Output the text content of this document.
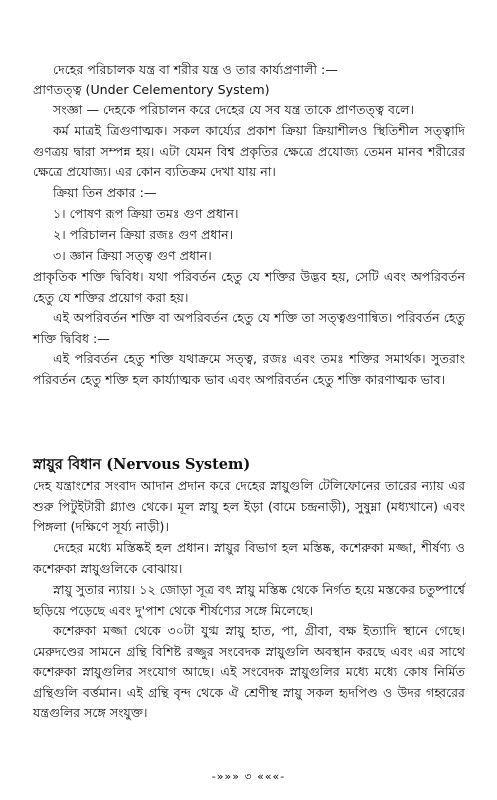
দেহের পরিচালক যন্ত্র বা শরীর যন্ত্র ও তার কার্য্যপ্রণালী :—
প্রাণতত্ত্ব (Under Celementory System)
সংজ্ঞা — দেহকে পরিচালন করে দেহের যে সব যন্ত্র তাকে প্রাণতত্ত্ব বলে।
কর্ম মাত্রই ত্রিগুণাত্মক। সকল কার্য্যের প্রকাশ ক্রিয়া ক্রিয়াশীলও স্থিতিশীল সত্ত্বাদি গুণত্রয় দ্বারা সম্পন্ন হয়। এটা যেমন বিশ্ব প্রকৃতির ক্ষেত্রে প্রযোজ্য তেমন মানব শরীরের ক্ষেত্রে প্রযোজ্য। এর কোন ব্যতিক্রম দেখা যায় না।
ক্রিয়া তিন প্রকার :—
১। পোষণ রূপ ক্রিয়া তমঃ গুণ প্রধান।
২। পরিচালন ক্রিয়া রজঃ গুণ প্রধান।
৩। জ্ঞান ক্রিয়া সত্ত্ব গুণ প্রধান।
প্রাকৃতিক শক্তি দ্বিবিধ। যথা পরিবর্তন হেতু যে শক্তির উদ্ভব হয়, সেটি এবং অপরিবর্তন হেতু যে শক্তির প্রয়োগ করা হয়।
এই অপরিবর্তন শক্তি বা অপরিবর্তন হেতু যে শক্তি তা সত্ত্বগুণান্বিত। পরিবর্তন হেতু শক্তি দ্বিবিধ :—
এই পরিবর্তন হেতু শক্তি যথাক্রমে সত্ত্ব, রজঃ এবং তমঃ শক্তির সমার্থক। সুতরাং পরিবর্তন হেতু শক্তি হল কার্য্যাত্মক ভাব এবং অপরিবর্তন হেতু শক্তি কারণাত্মক ভাব।
স্নায়ুর বিধান (Nervous System)
দেহ যন্ত্রাংশের সংবাদ আদান প্রদান করে দেহের স্নায়ুগুলি টেলিফোনের তারের ন্যায় এর শুরু পিটুইটারী গ্ল্যাণ্ড থেকে। মূল স্নায়ু হল ইড়া (বামে চন্দ্রনাড়ী), সুষুম্না (মধ্যখানে) এবং পিঙ্গলা (দক্ষিণে সূর্য্য নাড়ী)।
দেহের মধ্যে মস্তিষ্কই হল প্রধান। স্নায়ুর বিভাগ হল মস্তিষ্ক, কশেরুকা মজ্জা, শীর্ষণ্য ও কশেরুকা স্নায়ুগুলিকে বোঝায়।
স্নায়ু সুতার ন্যায়। ১২ জোড়া সূত্র বৎ স্নায়ু মস্তিষ্ক থেকে নির্গত হয়ে মস্তকের চতুষ্পার্শ্বে ছড়িয়ে পড়েছে এবং দু'পাশ থেকে শীর্ষণ্যের সঙ্গে মিলেছে।
কশেরুকা মজ্জা থেকে ৩০টা যুগ্ম স্নায়ু হাত, পা, গ্রীবা, বক্ষ ইত্যাদি স্থানে গেছে। মেরুদণ্ডের সামনে গ্রন্থি বিশিষ্ট রজ্জুর সংবেদক স্নায়ুগুলি অবস্থান করছে এবং এর সাথে কশেরুকা স্নায়ুগুলির সংযোগ আছে। এই সংবেদক স্নায়ুগুলির মধ্যে মধ্যে কোষ নির্মিত গ্রন্থিগুলি বর্ত্তমান। এই গ্রন্থি বৃন্দ থেকে ঐ শ্রেণীস্থ স্নায়ু সকল হৃদপিণ্ড ও উদর গহ্বরের যন্ত্রগুলির সঙ্গে সংযুক্ত।
-»»» ৩ «««-
